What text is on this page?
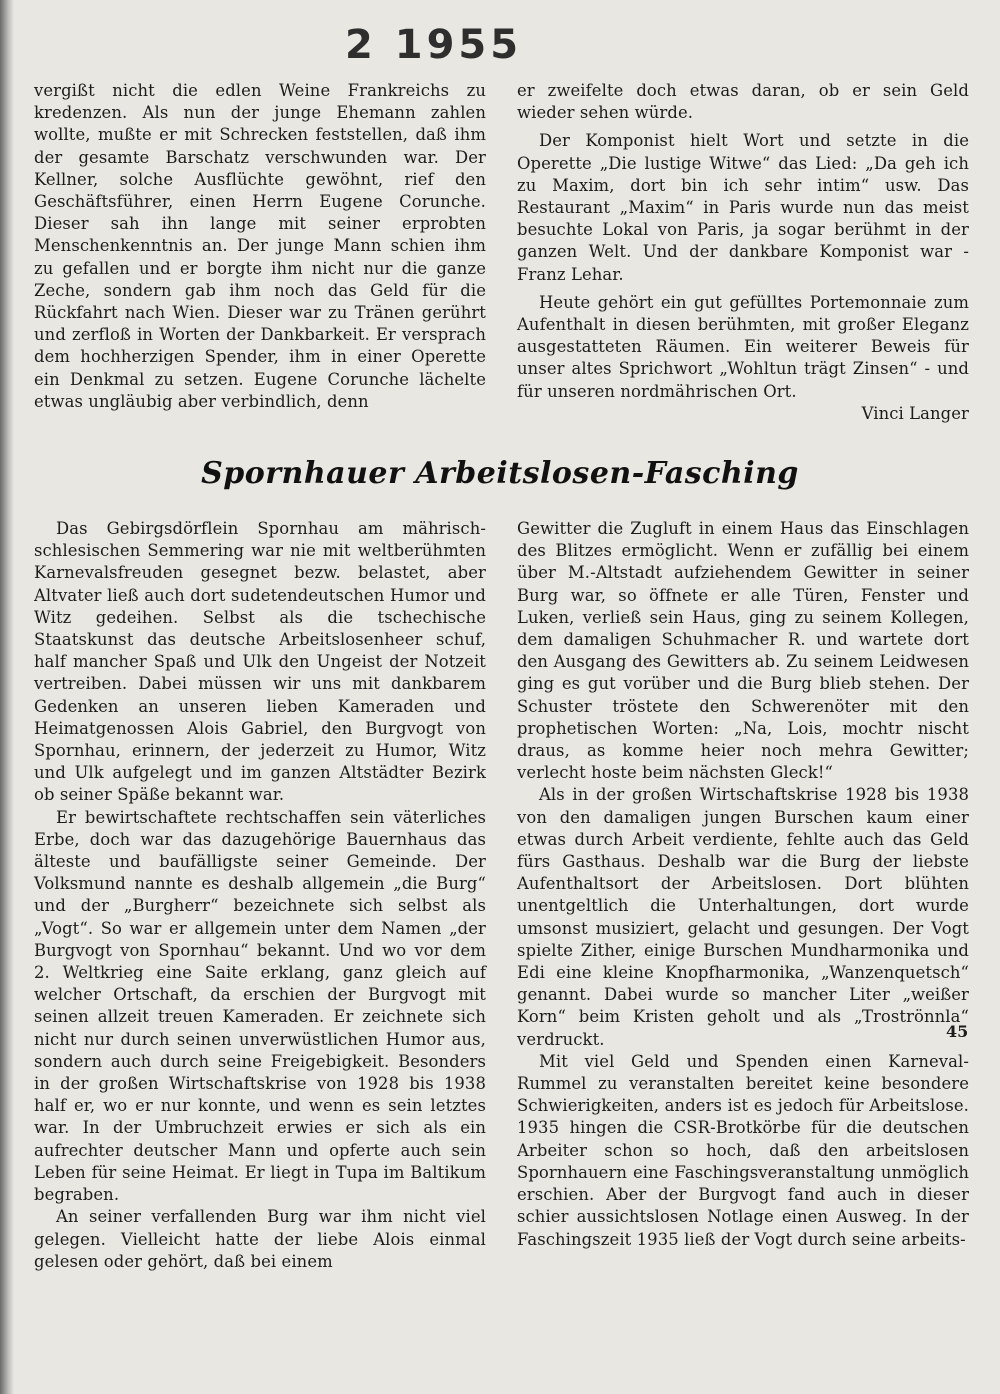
2 1955

vergißt nicht die edlen Weine Frankreichs zu kredenzen. Als nun der junge Ehemann zahlen wollte, mußte er mit Schrecken feststellen, daß ihm der gesamte Barschatz verschwunden war. Der Kellner, solche Ausflüchte gewöhnt, rief den Geschäftsführer, einen Herrn Eugene Corunche. Dieser sah ihn lange mit seiner erprobten Menschenkenntnis an. Der junge Mann schien ihm zu gefallen und er borgte ihm nicht nur die ganze Zeche, sondern gab ihm noch das Geld für die Rückfahrt nach Wien. Dieser war zu Tränen gerührt und zerfloß in Worten der Dankbarkeit. Er versprach dem hochherzigen Spender, ihm in einer Operette ein Denkmal zu setzen. Eugene Corunche lächelte etwas ungläubig aber verbindlich, denn

er zweifelte doch etwas daran, ob er sein Geld wieder sehen würde.

Der Komponist hielt Wort und setzte in die Operette „Die lustige Witwe“ das Lied: „Da geh ich zu Maxim, dort bin ich sehr intim“ usw. Das Restaurant „Maxim“ in Paris wurde nun das meist besuchte Lokal von Paris, ja sogar berühmt in der ganzen Welt. Und der dankbare Komponist war - Franz Lehar.

Heute gehört ein gut gefülltes Portemonnaie zum Aufenthalt in diesen berühmten, mit großer Eleganz ausgestatteten Räumen. Ein weiterer Beweis für unser altes Sprichwort „Wohltun trägt Zinsen“ - und für unseren nordmährischen Ort.

Vinci Langer
Spornhauer Arbeitslosen-Fasching

Das Gebirgsdörflein Spornhau am mährisch-schlesischen Semmering war nie mit weltberühmten Karnevalsfreuden gesegnet bezw. belastet, aber Altvater ließ auch dort sudetendeutschen Humor und Witz gedeihen. Selbst als die tschechische Staatskunst das deutsche Arbeitslosenheer schuf, half mancher Spaß und Ulk den Ungeist der Notzeit vertreiben. Dabei müssen wir uns mit dankbarem Gedenken an unseren lieben Kameraden und Heimatgenossen Alois Gabriel, den Burgvogt von Spornhau, erinnern, der jederzeit zu Humor, Witz und Ulk aufgelegt und im ganzen Altstädter Bezirk ob seiner Späße bekannt war.

Er bewirtschaftete rechtschaffen sein väterliches Erbe, doch war das dazugehörige Bauernhaus das älteste und baufälligste seiner Gemeinde. Der Volksmund nannte es deshalb allgemein „die Burg“ und der „Burgherr“ bezeichnete sich selbst als „Vogt“. So war er allgemein unter dem Namen „der Burgvogt von Spornhau“ bekannt. Und wo vor dem 2. Weltkrieg eine Saite erklang, ganz gleich auf welcher Ortschaft, da erschien der Burgvogt mit seinen allzeit treuen Kameraden. Er zeichnete sich nicht nur durch seinen unverwüstlichen Humor aus, sondern auch durch seine Freigebigkeit. Besonders in der großen Wirtschaftskrise von 1928 bis 1938 half er, wo er nur konnte, und wenn es sein letztes war. In der Umbruchzeit erwies er sich als ein aufrechter deutscher Mann und opferte auch sein Leben für seine Heimat. Er liegt in Tupa im Baltikum begraben.

An seiner verfallenden Burg war ihm nicht viel gelegen. Vielleicht hatte der liebe Alois einmal gelesen oder gehört, daß bei einem

Gewitter die Zugluft in einem Haus das Einschlagen des Blitzes ermöglicht. Wenn er zufällig bei einem über M.-Altstadt aufziehendem Gewitter in seiner Burg war, so öffnete er alle Türen, Fenster und Luken, verließ sein Haus, ging zu seinem Kollegen, dem damaligen Schuhmacher R. und wartete dort den Ausgang des Gewitters ab. Zu seinem Leidwesen ging es gut vorüber und die Burg blieb stehen. Der Schuster tröstete den Schwerenöter mit den prophetischen Worten: „Na, Lois, mochtr nischt draus, as komme heier noch mehra Gewitter; verlecht hoste beim nächsten Gleck!“

Als in der großen Wirtschaftskrise 1928 bis 1938 von den damaligen jungen Burschen kaum einer etwas durch Arbeit verdiente, fehlte auch das Geld fürs Gasthaus. Deshalb war die Burg der liebste Aufenthaltsort der Arbeitslosen. Dort blühten unentgeltlich die Unterhaltungen, dort wurde umsonst musiziert, gelacht und gesungen. Der Vogt spielte Zither, einige Burschen Mundharmonika und Edi eine kleine Knopfharmonika, „Wanzenquetsch“ genannt. Dabei wurde so mancher Liter „weißer Korn“ beim Kristen geholt und als „Troströnnla“ verdruckt.

Mit viel Geld und Spenden einen Karneval-Rummel zu veranstalten bereitet keine besondere Schwierigkeiten, anders ist es jedoch für Arbeitslose. 1935 hingen die CSR-Brotkörbe für die deutschen Arbeiter schon so hoch, daß den arbeitslosen Spornhauern eine Faschingsveranstaltung unmöglich erschien. Aber der Burgvogt fand auch in dieser schier aussichtslosen Notlage einen Ausweg. In der Faschingszeit 1935 ließ der Vogt durch seine arbeits-

45
